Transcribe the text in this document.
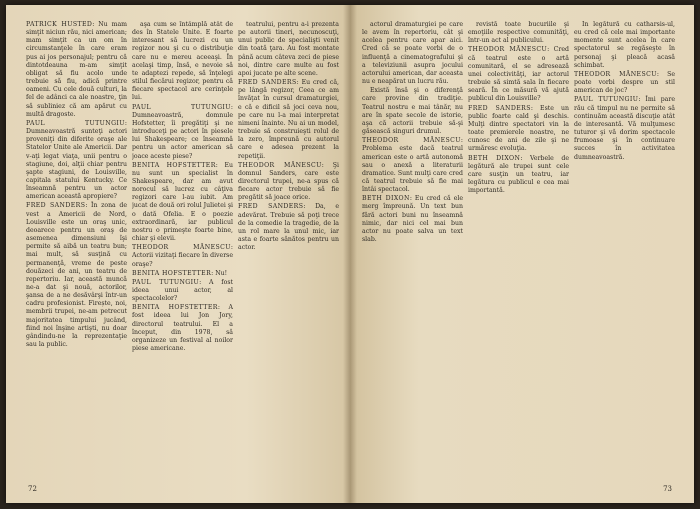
PATRICK HUSTED: Nu mam simţit niciun rău, nici american; mam simţit ca un om în circumstanţele în care eram pus ai jos personajul; pentru că dintotdeauna m-am simţit obligat să fiu acolo unde trebuie să fiu, adică printre oameni. Cu cele două culturi, la fel de adânci ca ale noastre, ţin să subliniez că am apărut cu multă dragoste.

PAUL TUTUNGIU: Dumneavoastră sunteţi actori proveniţi din diferite oraşe ale Statelor Unite ale Americii. Dar v-aţi legat viaţa, unii pentru o stagiune, doi, alţii chiar pentru şapte stagiuni, de Louisville, capitala statului Kentucky. Ce înseamnă pentru un actor american această apropiere?

FRED SANDERS: În zona de vest a Americii de Nord, Louisville este un oraş unic, deoarece pentru un oraş de asemenea dimensiuni îşi permite să aibă un teatru bun; mai mult, să susţină cu permanenţă, vreme de peste douăzeci de ani, un teatru de repertoriu. Iar, această muncă ne-a dat şi nouă, actorilor, şansa de a ne desăvârşi într-un cadru profesionist. Firește, noi, membrii trupei, ne-am petrecut majoritatea timpului jucând, fiind noi înşine artişti, nu doar gândindu-ne la reprezentaţie sau la public.

aşa cum se întâmplă atât de des în Statele Unite. E foarte interesant să lucrezi cu un regizor nou şi cu o distribuţie care nu e mereu aceeaşi. În acelaşi timp, însă, e nevoie să te adaptezi repede, să înţelegi stilul fiecărui regizor, pentru că fiecare spectacol are cerinţele lui.

PAUL TUTUNGIU: Dumneavoastră, domnule Hofstetter, îi pregătiţi şi ne introduceţi pe actori în piesele lui Shakespeare; ce înseamnă pentru un actor american să joace aceste piese?

BENITA HOFSTETTER: Eu nu sunt un specialist în Shakespeare, dar am avut norocul să lucrez cu câţiva regizori care l-au iubit. Am jucat de două ori rolul Julietei şi o dată Ofelia. E o poezie extraordinară, iar publicul nostru o primeşte foarte bine, chiar şi elevii.

THEODOR MĂNESCU: Actorii vizitaţi fiecare în diverse oraşe?

BENITA HOFSTETTER: Nu!

PAUL TUTUNGIU: A fost ideea unui actor, al spectacolelor?

BENITA HOFSTETTER: A fost ideea lui Jon Jory, directorul teatrului. El a început, din 1978, să organizeze un festival al noilor piese americane.

teatrului, pentru a-i prezenta pe autorii tineri, necunoscuţi, unui public de specialişti venit din toată ţara. Au fost montate până acum câteva zeci de piese noi, dintre care multe au fost apoi jucate pe alte scene.

FRED SANDERS: Eu cred că, pe lângă regizor, Ceea ce am învăţat în cursul dramaturgiei, e că e dificil să joci ceva nou, pe care nu l-a mai interpretat nimeni înainte. Nu ai un model, trebuie să construieşti rolul de la zero, împreună cu autorul care e adesea prezent la repetiţii.

THEODOR MĂNESCU: Şi domnul Sanders, care este directorul trupei, ne-a spus că fiecare actor trebuie să fie pregătit să joace orice.

FRED SANDERS: Da, e adevărat. Trebuie să poţi trece de la comedie la tragedie, de la un rol mare la unul mic, iar asta e foarte sănătos pentru un actor.

72

actorul dramaturgiei pe care le avem în repertoriu, cât şi acelea pentru care apar aici. Cred că se poate vorbi de o influenţă a cinematografului şi a televiziunii asupra jocului actorului american, dar aceasta nu e neapărat un lucru rău.

Există însă şi o diferenţă care provine din tradiţie. Teatrul nostru e mai tânăr, nu are în spate secole de istorie, aşa că actorii trebuie să-şi găsească singuri drumul.

THEODOR MĂNESCU: Problema este dacă teatrul american este o artă autonomă sau o anexă a literaturii dramatice. Sunt mulţi care cred că teatrul trebuie să fie mai întâi spectacol.

BETH DIXON: Eu cred că ele merg împreună. Un text bun fără actori buni nu înseamnă nimic, dar nici cel mai bun actor nu poate salva un text slab.

revistă toate bucuriile şi emoţiile respective comunităţi, într-un act al publicului.

THEODOR MĂNESCU: Cred că teatrul este o artă comunitară, el se adresează unei colectivităţi, iar actorul trebuie să simtă sala în fiecare seară. În ce măsură vă ajută publicul din Louisville?

FRED SANDERS: Este un public foarte cald şi deschis. Mulţi dintre spectatori vin la toate premierele noastre, ne cunosc de ani de zile şi ne urmăresc evoluţia.

BETH DIXON: Verbele de legătură ale trupei sunt cele care susţin un teatru, iar legătura cu publicul e cea mai importantă.

În legătură cu catharsis-ul, eu cred că cele mai importante momente sunt acelea în care spectatorul se regăseşte în personaj şi pleacă acasă schimbat.

THEODOR MĂNESCU: Se poate vorbi despre un stil american de joc?

PAUL TUTUNGIU: Îmi pare rău că timpul nu ne permite să continuăm această discuţie atât de interesantă. Vă mulţumesc tuturor şi vă dorim spectacole frumoase şi în continuare succes în activitatea dumneavoastră.

73
